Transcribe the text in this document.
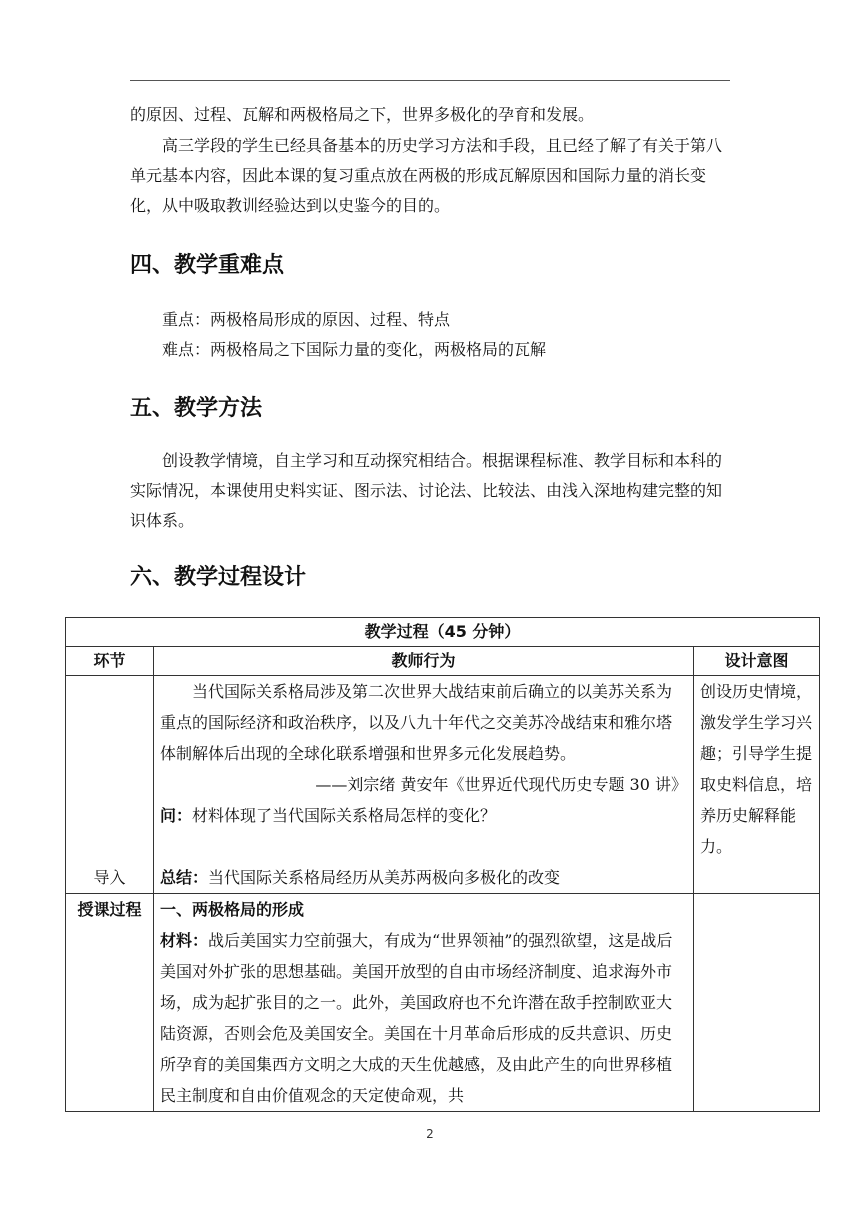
的原因、过程、瓦解和两极格局之下，世界多极化的孕育和发展。

高三学段的学生已经具备基本的历史学习方法和手段，且已经了解了有关于第八单元基本内容，因此本课的复习重点放在两极的形成瓦解原因和国际力量的消长变化，从中吸取教训经验达到以史鉴今的目的。

四、教学重难点

重点：两极格局形成的原因、过程、特点

难点：两极格局之下国际力量的变化，两极格局的瓦解

五、教学方法

创设教学情境，自主学习和互动探究相结合。根据课程标准、教学目标和本科的实际情况，本课使用史料实证、图示法、讨论法、比较法、由浅入深地构建完整的知识体系。

六、教学过程设计
教学过程（45 分钟）		
环节	教师行为	设计意图
导入	当代国际关系格局涉及第二次世界大战结束前后确立的以美苏关系为重点的国际经济和政治秩序，以及八九十年代之交美苏冷战结束和雅尔塔体制解体后出现的全球化联系增强和世界多元化发展趋势。

——刘宗绪 黄安年《世界近代现代历史专题 30 讲》

问：材料体现了当代国际关系格局怎样的变化？

总结：当代国际关系格局经历从美苏两极向多极化的改变	创设历史情境，激发学生学习兴趣；引导学生提取史料信息，培养历史解释能力。
授课过程	一、两极格局的形成

材料：战后美国实力空前强大，有成为“世界领袖”的强烈欲望，这是战后美国对外扩张的思想基础。美国开放型的自由市场经济制度、追求海外市场，成为起扩张目的之一。此外，美国政府也不允许潜在敌手控制欧亚大陆资源，否则会危及美国安全。美国在十月革命后形成的反共意识、历史所孕育的美国集西方文明之大成的天生优越感，及由此产生的向世界移植民主制度和自由价值观念的天定使命观，共	

2
